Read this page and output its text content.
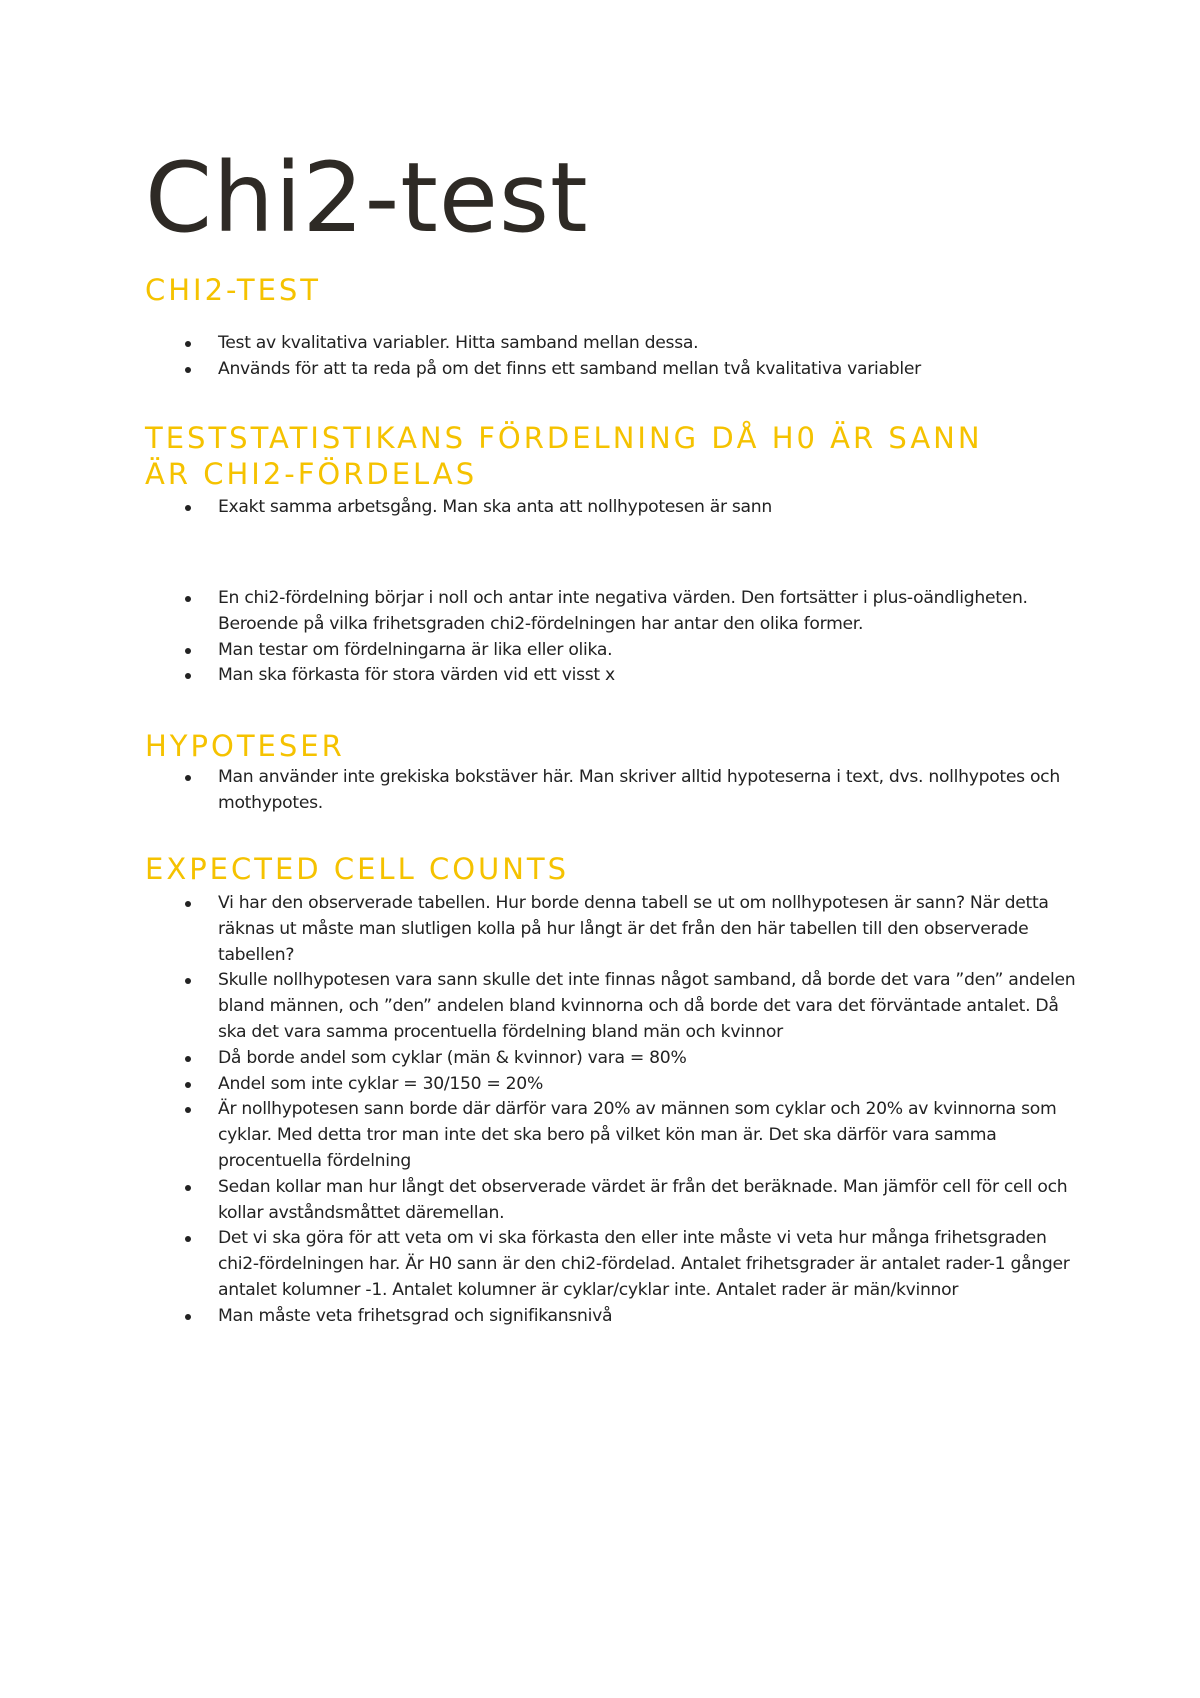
Chi2-test
CHI2-TEST
Test av kvalitativa variabler. Hitta samband mellan dessa.
Används för att ta reda på om det finns ett samband mellan två kvalitativa variabler
TESTSTATISTIKANS FÖRDELNING DÅ H0 ÄR SANN
ÄR CHI2-FÖRDELAS
Exakt samma arbetsgång. Man ska anta att nollhypotesen är sann
En chi2-fördelning börjar i noll och antar inte negativa värden. Den fortsätter i plus-oändligheten. Beroende på vilka frihetsgraden chi2-fördelningen har antar den olika former.
Man testar om fördelningarna är lika eller olika.
Man ska förkasta för stora värden vid ett visst x
HYPOTESER
Man använder inte grekiska bokstäver här. Man skriver alltid hypoteserna i text, dvs. nollhypotes och mothypotes.
EXPECTED CELL COUNTS
Vi har den observerade tabellen. Hur borde denna tabell se ut om nollhypotesen är sann? När detta räknas ut måste man slutligen kolla på hur långt är det från den här tabellen till den observerade tabellen?
Skulle nollhypotesen vara sann skulle det inte finnas något samband, då borde det vara ”den” andelen bland männen, och ”den” andelen bland kvinnorna och då borde det vara det förväntade antalet. Då ska det vara samma procentuella fördelning bland män och kvinnor
Då borde andel som cyklar (män & kvinnor) vara = 80%
Andel som inte cyklar = 30/150 = 20%
Är nollhypotesen sann borde där därför vara 20% av männen som cyklar och 20% av kvinnorna som cyklar. Med detta tror man inte det ska bero på vilket kön man är. Det ska därför vara samma procentuella fördelning
Sedan kollar man hur långt det observerade värdet är från det beräknade. Man jämför cell för cell och kollar avståndsmåttet däremellan.
Det vi ska göra för att veta om vi ska förkasta den eller inte måste vi veta hur många frihetsgraden chi2-fördelningen har. Är H0 sann är den chi2-fördelad. Antalet frihetsgrader är antalet rader-1 gånger antalet kolumner -1. Antalet kolumner är cyklar/cyklar inte. Antalet rader är män/kvinnor
Man måste veta frihetsgrad och signifikansnivå
